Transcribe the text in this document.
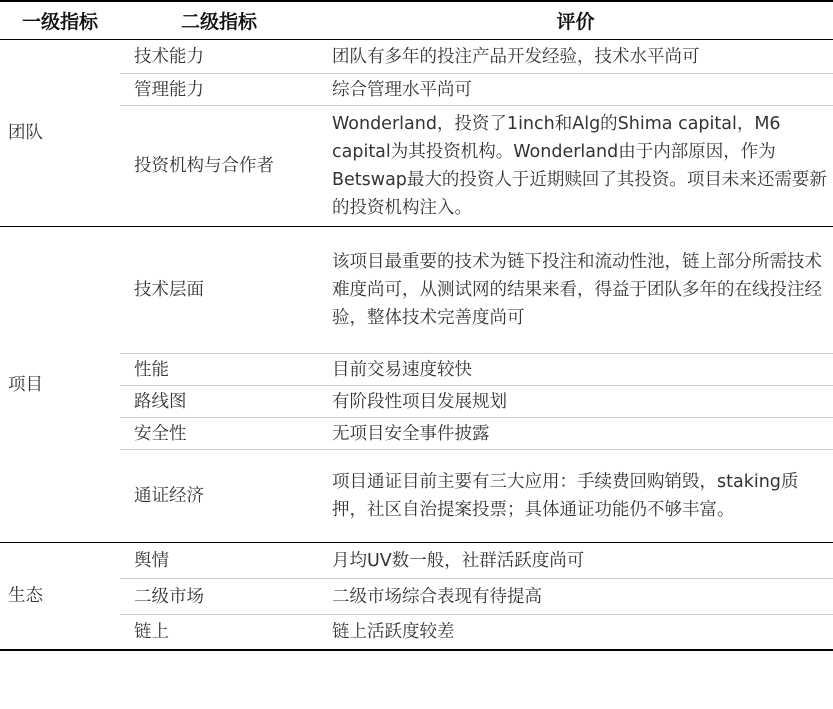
一级指标	二级指标	评价
团队	技术能力	团队有多年的投注产品开发经验，技术水平尚可
	管理能力	综合管理水平尚可
	投资机构与合作者	Wonderland，投资了1inch和Alg的Shima capital，M6 capital为其投资机构。Wonderland由于内部原因，作为Betswap最大的投资人于近期赎回了其投资。项目未来还需要新的投资机构注入。
项目	技术层面	该项目最重要的技术为链下投注和流动性池，链上部分所需技术难度尚可，从测试网的结果来看，得益于团队多年的在线投注经验，整体技术完善度尚可
	性能	目前交易速度较快
	路线图	有阶段性项目发展规划
	安全性	无项目安全事件披露
	通证经济	项目通证目前主要有三大应用：手续费回购销毁，staking质押，社区自治提案投票；具体通证功能仍不够丰富。
生态	舆情	月均UV数一般，社群活跃度尚可
	二级市场	二级市场综合表现有待提高
	链上	链上活跃度较差
